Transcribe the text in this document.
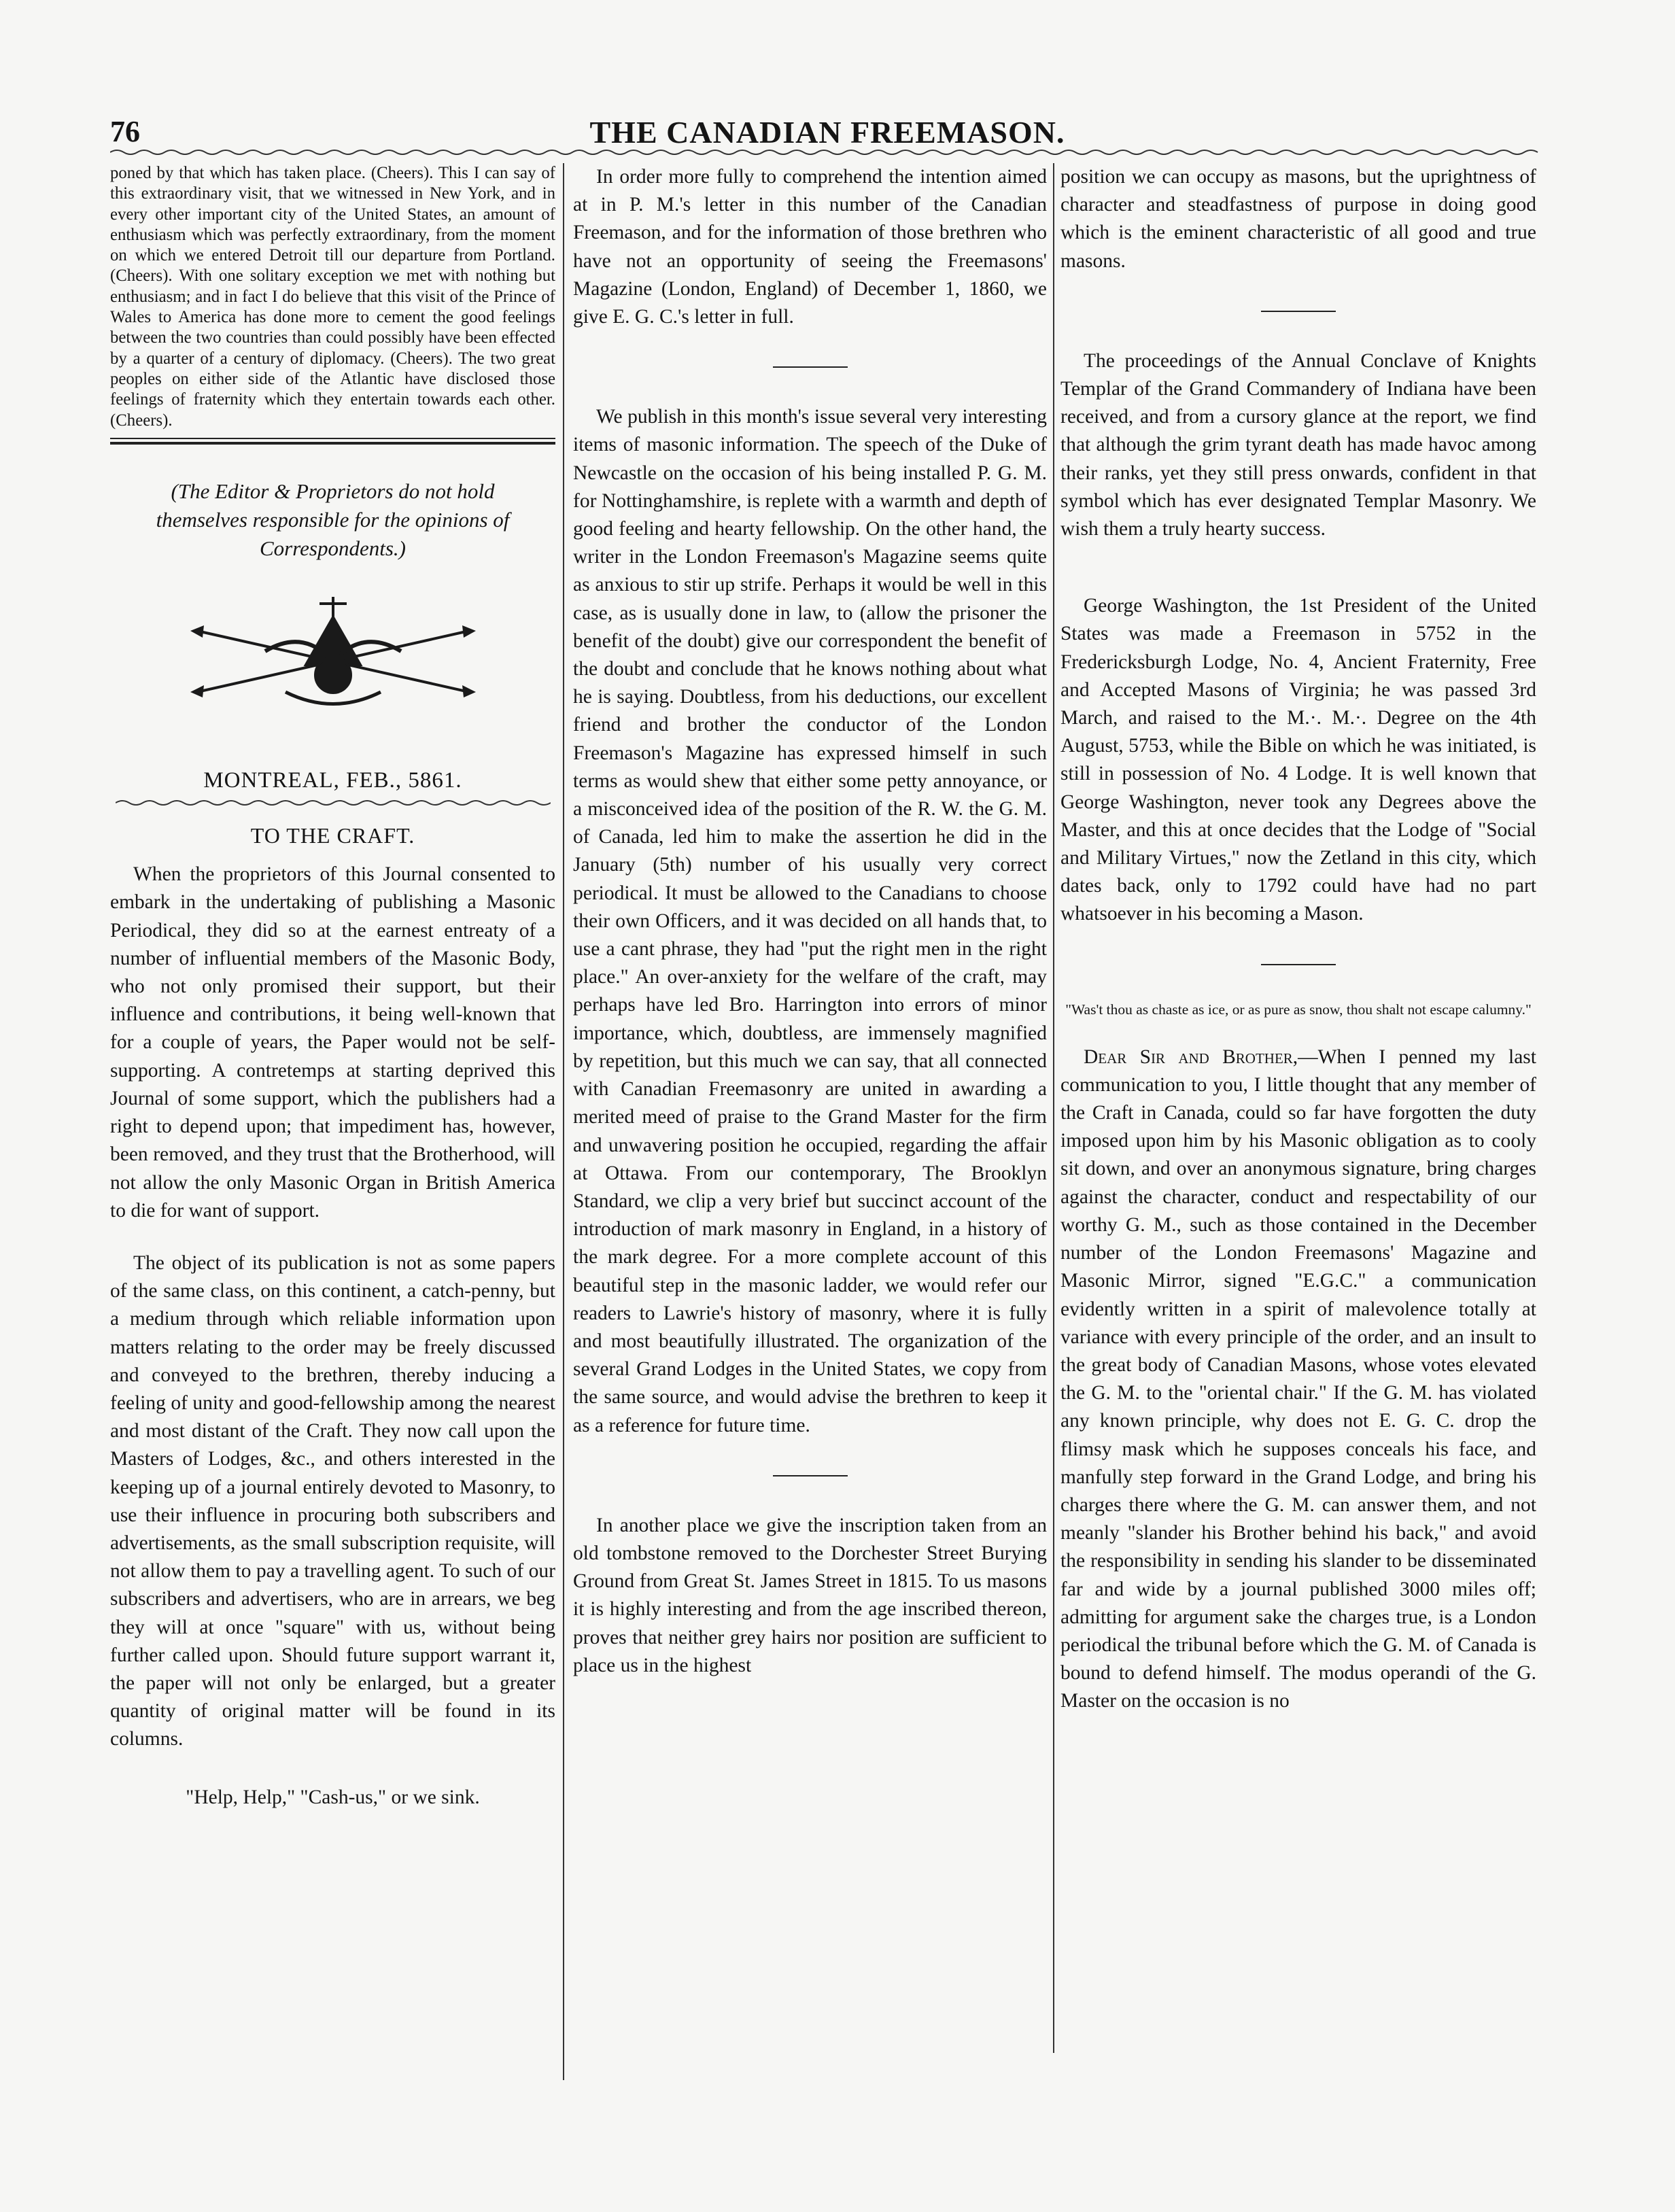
76	THE CANADIAN FREEMASON.

poned by that which has taken place. (Cheers). This I can say of this extraordinary visit, that we witnessed in New York, and in every other important city of the United States, an amount of enthusiasm which was perfectly extraordinary, from the moment on which we entered Detroit till our departure from Portland. (Cheers). With one solitary exception we met with nothing but enthusiasm; and in fact I do believe that this visit of the Prince of Wales to America has done more to cement the good feelings between the two countries than could possibly have been effected by a quarter of a century of diplomacy. (Cheers). The two great peoples on either side of the Atlantic have disclosed those feelings of fraternity which they entertain towards each other. (Cheers).

(The Editor & Proprietors do not hold themselves responsible for the opinions of Correspondents.)
MONTREAL, FEB., 5861.
TO THE CRAFT.

When the proprietors of this Journal consented to embark in the undertaking of publishing a Masonic Periodical, they did so at the earnest entreaty of a number of influential members of the Masonic Body, who not only promised their support, but their influence and contributions, it being well-known that for a couple of years, the Paper would not be self-supporting. A contretemps at starting deprived this Journal of some support, which the publishers had a right to depend upon; that impediment has, however, been removed, and they trust that the Brotherhood, will not allow the only Masonic Organ in British America to die for want of support.

The object of its publication is not as some papers of the same class, on this continent, a catch-penny, but a medium through which reliable information upon matters relating to the order may be freely discussed and conveyed to the brethren, thereby inducing a feeling of unity and good-fellowship among the nearest and most distant of the Craft. They now call upon the Masters of Lodges, &c., and others interested in the keeping up of a journal entirely devoted to Masonry, to use their influence in procuring both subscribers and advertisements, as the small subscription requisite, will not allow them to pay a travelling agent. To such of our subscribers and advertisers, who are in arrears, we beg they will at once "square" with us, without being further called upon. Should future support warrant it, the paper will not only be enlarged, but a greater quantity of original matter will be found in its columns.

"Help, Help," "Cash-us," or we sink.

In order more fully to comprehend the intention aimed at in P. M.'s letter in this number of the Canadian Freemason, and for the information of those brethren who have not an opportunity of seeing the Freemasons' Magazine (London, England) of December 1, 1860, we give E. G. C.'s letter in full.

We publish in this month's issue several very interesting items of masonic information. The speech of the Duke of Newcastle on the occasion of his being installed P. G. M. for Nottinghamshire, is replete with a warmth and depth of good feeling and hearty fellowship. On the other hand, the writer in the London Freemason's Magazine seems quite as anxious to stir up strife. Perhaps it would be well in this case, as is usually done in law, to (allow the prisoner the benefit of the doubt) give our correspondent the benefit of the doubt and conclude that he knows nothing about what he is saying. Doubtless, from his deductions, our excellent friend and brother the conductor of the London Freemason's Magazine has expressed himself in such terms as would shew that either some petty annoyance, or a misconceived idea of the position of the R. W. the G. M. of Canada, led him to make the assertion he did in the January (5th) number of his usually very correct periodical. It must be allowed to the Canadians to choose their own Officers, and it was decided on all hands that, to use a cant phrase, they had "put the right men in the right place." An over-anxiety for the welfare of the craft, may perhaps have led Bro. Harrington into errors of minor importance, which, doubtless, are immensely magnified by repetition, but this much we can say, that all connected with Canadian Freemasonry are united in awarding a merited meed of praise to the Grand Master for the firm and unwavering position he occupied, regarding the affair at Ottawa. From our contemporary, The Brooklyn Standard, we clip a very brief but succinct account of the introduction of mark masonry in England, in a history of the mark degree. For a more complete account of this beautiful step in the masonic ladder, we would refer our readers to Lawrie's history of masonry, where it is fully and most beautifully illustrated. The organization of the several Grand Lodges in the United States, we copy from the same source, and would advise the brethren to keep it as a reference for future time.

In another place we give the inscription taken from an old tombstone removed to the Dorchester Street Burying Ground from Great St. James Street in 1815. To us masons it is highly interesting and from the age inscribed thereon, proves that neither grey hairs nor position are sufficient to place us in the highest

position we can occupy as masons, but the uprightness of character and steadfastness of purpose in doing good which is the eminent characteristic of all good and true masons.

The proceedings of the Annual Conclave of Knights Templar of the Grand Commandery of Indiana have been received, and from a cursory glance at the report, we find that although the grim tyrant death has made havoc among their ranks, yet they still press onwards, confident in that symbol which has ever designated Templar Masonry. We wish them a truly hearty success.

George Washington, the 1st President of the United States was made a Freemason in 5752 in the Fredericksburgh Lodge, No. 4, Ancient Fraternity, Free and Accepted Masons of Virginia; he was passed 3rd March, and raised to the M.·. M.·. Degree on the 4th August, 5753, while the Bible on which he was initiated, is still in possession of No. 4 Lodge. It is well known that George Washington, never took any Degrees above the Master, and this at once decides that the Lodge of "Social and Military Virtues," now the Zetland in this city, which dates back, only to 1792 could have had no part whatsoever in his becoming a Mason.

"Was't thou as chaste as ice, or as pure as snow, thou shalt not escape calumny."

Dear Sir and Brother,—When I penned my last communication to you, I little thought that any member of the Craft in Canada, could so far have forgotten the duty imposed upon him by his Masonic obligation as to cooly sit down, and over an anonymous signature, bring charges against the character, conduct and respectability of our worthy G. M., such as those contained in the December number of the London Freemasons' Magazine and Masonic Mirror, signed "E.G.C." a communication evidently written in a spirit of malevolence totally at variance with every principle of the order, and an insult to the great body of Canadian Masons, whose votes elevated the G. M. to the "oriental chair." If the G. M. has violated any known principle, why does not E. G. C. drop the flimsy mask which he supposes conceals his face, and manfully step forward in the Grand Lodge, and bring his charges there where the G. M. can answer them, and not meanly "slander his Brother behind his back," and avoid the responsibility in sending his slander to be disseminated far and wide by a journal published 3000 miles off; admitting for argument sake the charges true, is a London periodical the tribunal before which the G. M. of Canada is bound to defend himself. The modus operandi of the G. Master on the occasion is no
